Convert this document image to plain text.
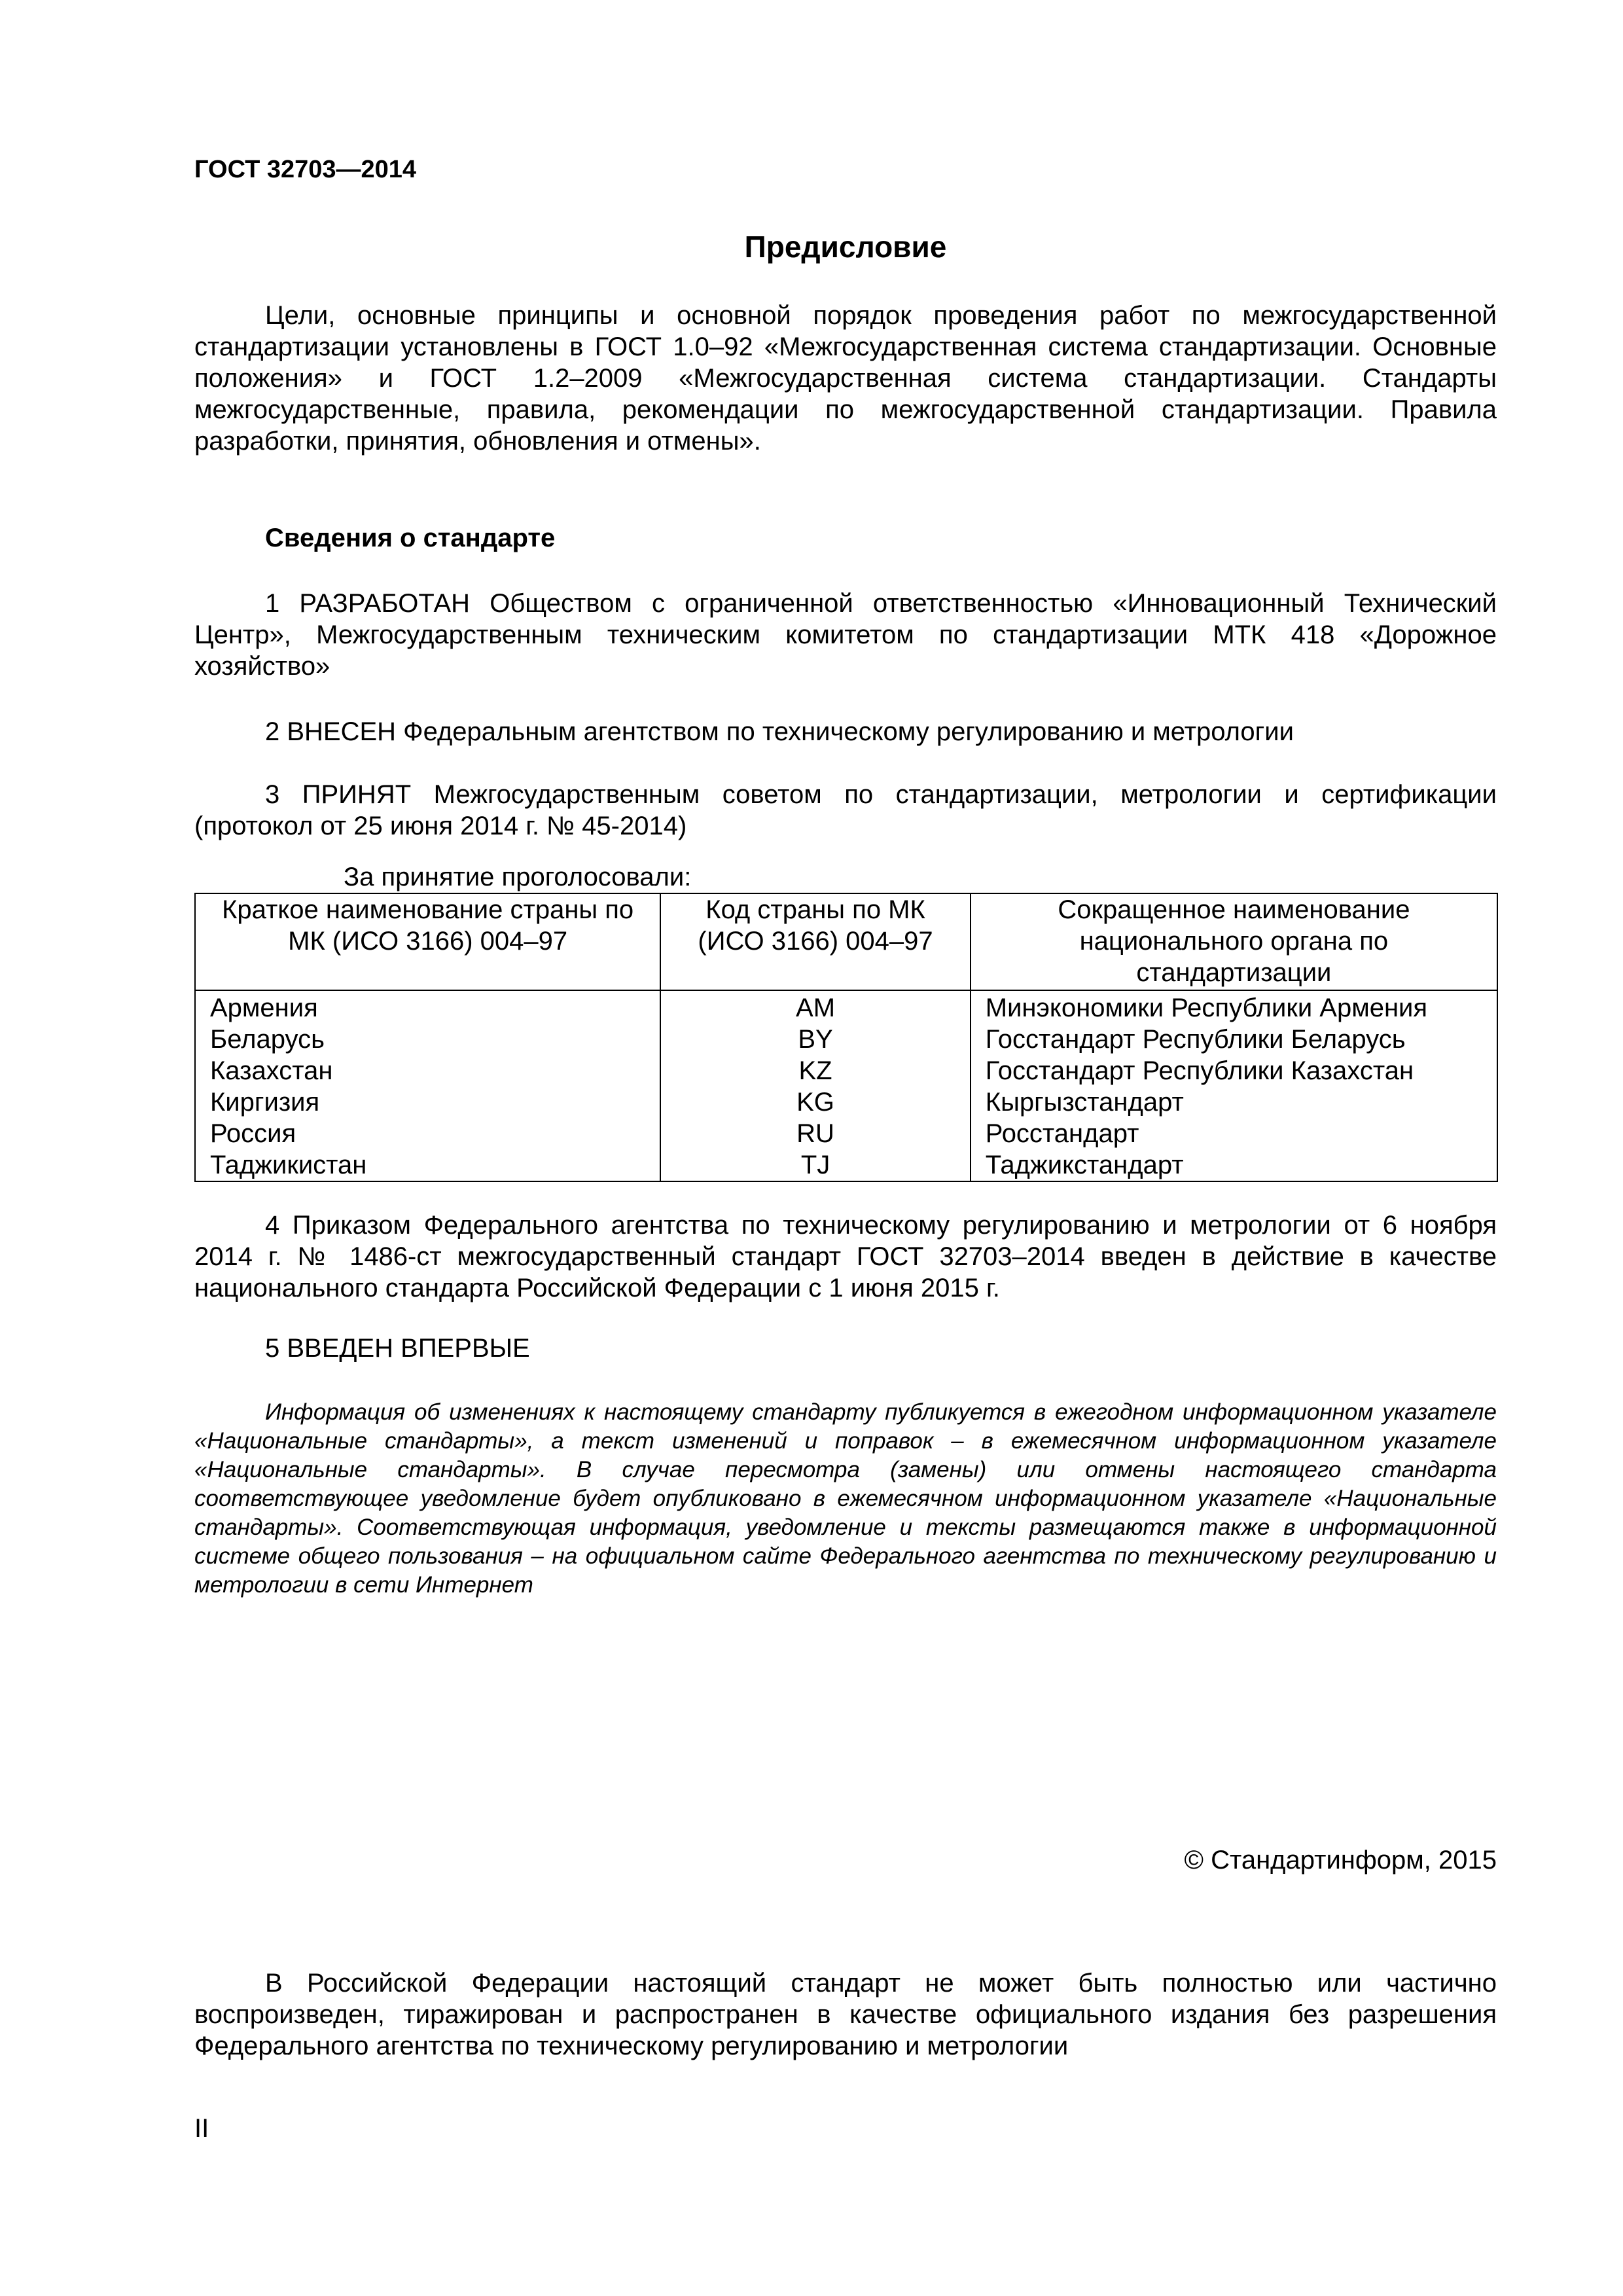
ГОСТ 32703—2014
Предисловие

Цели, основные принципы и основной порядок проведения работ по межгосударственной стандартизации установлены в ГОСТ 1.0–92 «Межгосударственная система стандартизации. Основные положения» и ГОСТ 1.2–2009 «Межгосударственная система стандартизации. Стандарты межгосударственные, правила, рекомендации по межгосударственной стандартизации. Правила разработки, принятия, обновления и отмены».

Сведения о стандарте

1 РАЗРАБОТАН Обществом с ограниченной ответственностью «Инновационный Технический Центр», Межгосударственным техническим комитетом по стандартизации МТК 418 «Дорожное хозяйство»

2 ВНЕСЕН Федеральным агентством по техническому регулированию и метрологии

3 ПРИНЯТ Межгосударственным советом по стандартизации, метрологии и сертификации (протокол от 25 июня 2014 г. № 45-2014)

За принятие проголосовали:
Краткое наименование страны по МК (ИСО 3166) 004–97	Код страны по МК (ИСО 3166) 004–97	Сокращенное наименование национального органа по стандартизации
Армения	AM	Минэкономики Республики Армения
Беларусь	BY	Госстандарт Республики Беларусь
Казахстан	KZ	Госстандарт Республики Казахстан
Киргизия	KG	Кыргызстандарт
Россия	RU	Росстандарт
Таджикистан	TJ	Таджикстандарт

4 Приказом Федерального агентства по техническому регулированию и метрологии от 6 ноября 2014 г. № 1486-ст межгосударственный стандарт ГОСТ 32703–2014 введен в действие в качестве национального стандарта Российской Федерации с 1 июня 2015 г.

5 ВВЕДЕН ВПЕРВЫЕ

Информация об изменениях к настоящему стандарту публикуется в ежегодном информационном указателе «Национальные стандарты», а текст изменений и поправок – в ежемесячном информационном указателе «Национальные стандарты». В случае пересмотра (замены) или отмены настоящего стандарта соответствующее уведомление будет опубликовано в ежемесячном информационном указателе «Национальные стандарты». Соответствующая информация, уведомление и тексты размещаются также в информационной системе общего пользования – на официальном сайте Федерального агентства по техническому регулированию и метрологии в сети Интернет

© Стандартинформ, 2015

В Российской Федерации настоящий стандарт не может быть полностью или частично воспроизведен, тиражирован и распространен в качестве официального издания без разрешения Федерального агентства по техническому регулированию и метрологии

II
